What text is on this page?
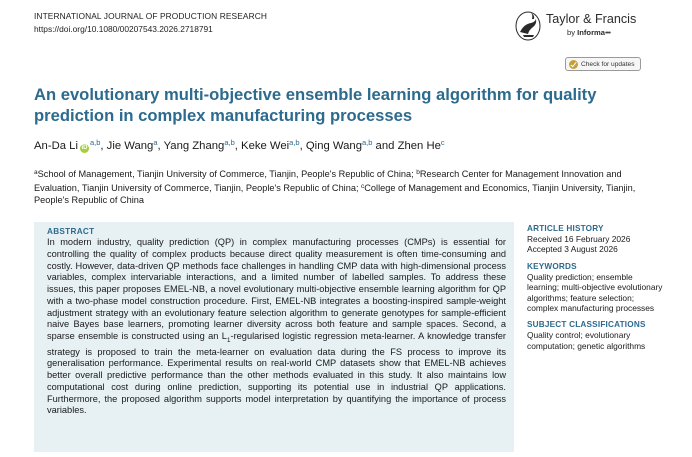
INTERNATIONAL JOURNAL OF PRODUCTION RESEARCH
https://doi.org/10.1080/00207543.2026.2718791
Taylor & Francis
by Informa•••
Check for updates
An evolutionary multi-objective ensemble learning algorithm for quality prediction in complex manufacturing processes
An-Da Li iD$^{a,b}$, Jie Wang$^a$, Yang Zhang$^{a,b}$, Keke Wei$^{a,b}$, Qing Wang$^{a,b}$ and Zhen He$^c$
$^a$School of Management, Tianjin University of Commerce, Tianjin, People's Republic of China; $^b$Research Center for Management Innovation and Evaluation, Tianjin University of Commerce, Tianjin, People's Republic of China; $^c$College of Management and Economics, Tianjin University, Tianjin, People's Republic of China
ABSTRACT
In modern industry, quality prediction (QP) in complex manufacturing processes (CMPs) is essential for controlling the quality of complex products because direct quality measurement is often time-consuming and costly. However, data-driven QP methods face challenges in handling CMP data with high-dimensional process variables, complex intervariable interactions, and a limited number of labelled samples. To address these issues, this paper proposes EMEL-NB, a novel evolutionary multi-objective ensemble learning algorithm for QP with a two-phase model construction procedure. First, EMEL-NB integrates a boosting-inspired sample-weight adjustment strategy with an evolutionary feature selection algorithm to generate genotypes for sample-efficient naive Bayes base learners, promoting learner diversity across both feature and sample spaces. Second, a sparse ensemble is constructed using an $L_1$-regularised logistic regression meta-learner. A knowledge transfer strategy is proposed to train the meta-learner on evaluation data during the FS process to improve its generalisation performance. Experimental results on real-world CMP datasets show that EMEL-NB achieves better overall predictive performance than the other methods evaluated in this study. It also maintains low computational cost during online prediction, supporting its potential use in industrial QP applications. Furthermore, the proposed algorithm supports model interpretation by quantifying the importance of process variables.
ARTICLE HISTORY
Received 16 February 2026
Accepted 3 August 2026
KEYWORDS
Quality prediction; ensemble learning; multi-objective evolutionary algorithms; feature selection; complex manufacturing processes
SUBJECT CLASSIFICATIONS
Quality control; evolutionary computation; genetic algorithms
